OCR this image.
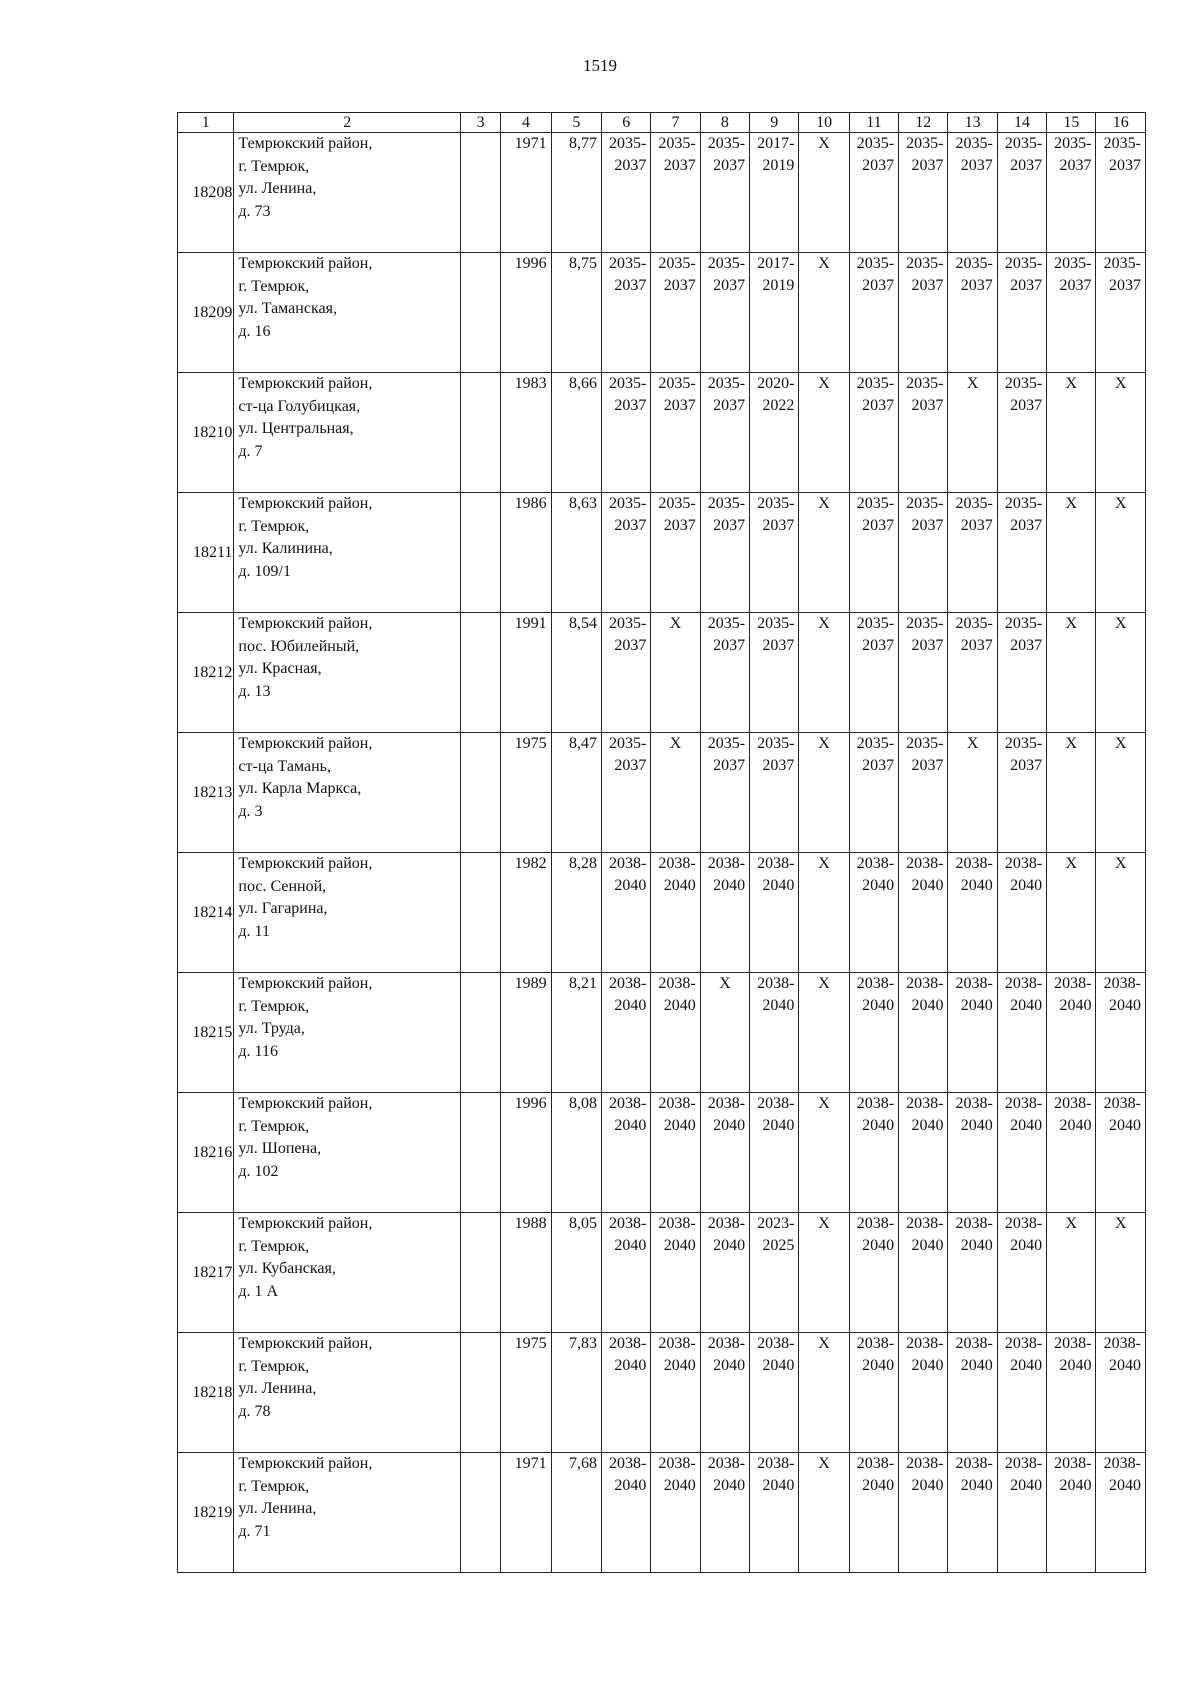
1519
1	2	3	4	5	6	7	8	9	10	11	12	13	14	15	16
18208	Темрюкский район,
г. Темрюк,
ул. Ленина,
д. 73		1971	8,77	2035-
2037	2035-
2037	2035-
2037	2017-
2019	X	2035-
2037	2035-
2037	2035-
2037	2035-
2037	2035-
2037	2035-
2037

18209	Темрюкский район,
г. Темрюк,
ул. Таманская,
д. 16		1996	8,75	2035-
2037	2035-
2037	2035-
2037	2017-
2019	X	2035-
2037	2035-
2037	2035-
2037	2035-
2037	2035-
2037	2035-
2037

18210	Темрюкский район,
ст-ца Голубицкая,
ул. Центральная,
д. 7		1983	8,66	2035-
2037	2035-
2037	2035-
2037	2020-
2022	X	2035-
2037	2035-
2037	X	2035-
2037	X	X

18211	Темрюкский район,
г. Темрюк,
ул. Калинина,
д. 109/1		1986	8,63	2035-
2037	2035-
2037	2035-
2037	2035-
2037	X	2035-
2037	2035-
2037	2035-
2037	2035-
2037	X	X

18212	Темрюкский район,
пос. Юбилейный,
ул. Красная,
д. 13		1991	8,54	2035-
2037	X	2035-
2037	2035-
2037	X	2035-
2037	2035-
2037	2035-
2037	2035-
2037	X	X

18213	Темрюкский район,
ст-ца Тамань,
ул. Карла Маркса,
д. 3		1975	8,47	2035-
2037	X	2035-
2037	2035-
2037	X	2035-
2037	2035-
2037	X	2035-
2037	X	X

18214	Темрюкский район,
пос. Сенной,
ул. Гагарина,
д. 11		1982	8,28	2038-
2040	2038-
2040	2038-
2040	2038-
2040	X	2038-
2040	2038-
2040	2038-
2040	2038-
2040	X	X

18215	Темрюкский район,
г. Темрюк,
ул. Труда,
д. 116		1989	8,21	2038-
2040	2038-
2040	X	2038-
2040	X	2038-
2040	2038-
2040	2038-
2040	2038-
2040	2038-
2040	2038-
2040

18216	Темрюкский район,
г. Темрюк,
ул. Шопена,
д. 102		1996	8,08	2038-
2040	2038-
2040	2038-
2040	2038-
2040	X	2038-
2040	2038-
2040	2038-
2040	2038-
2040	2038-
2040	2038-
2040

18217	Темрюкский район,
г. Темрюк,
ул. Кубанская,
д. 1 А		1988	8,05	2038-
2040	2038-
2040	2038-
2040	2023-
2025	X	2038-
2040	2038-
2040	2038-
2040	2038-
2040	X	X

18218	Темрюкский район,
г. Темрюк,
ул. Ленина,
д. 78		1975	7,83	2038-
2040	2038-
2040	2038-
2040	2038-
2040	X	2038-
2040	2038-
2040	2038-
2040	2038-
2040	2038-
2040	2038-
2040

18219	Темрюкский район,
г. Темрюк,
ул. Ленина,
д. 71		1971	7,68	2038-
2040	2038-
2040	2038-
2040	2038-
2040	X	2038-
2040	2038-
2040	2038-
2040	2038-
2040	2038-
2040	2038-
2040
